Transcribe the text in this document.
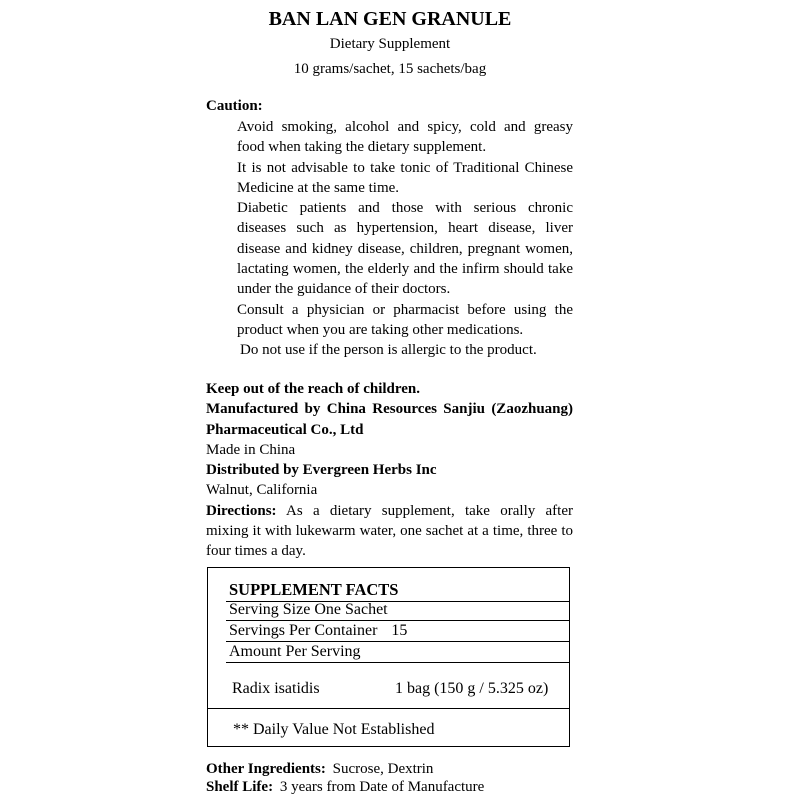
BAN LAN GEN GRANULE
Dietary Supplement
10 grams/sachet, 15 sachets/bag
Caution:

Avoid smoking, alcohol and spicy, cold and greasy food when taking the dietary supplement.

It is not advisable to take tonic of Traditional Chinese Medicine at the same time.

Diabetic patients and those with serious chronic diseases such as hypertension, heart disease, liver disease and kidney disease, children, pregnant women, lactating women, the elderly and the infirm should take under the guidance of their doctors.

Consult a physician or pharmacist before using the product when you are taking other medications.

Do not use if the person is allergic to the product.

Keep out of the reach of children.

Manufactured by China Resources Sanjiu (Zaozhuang) Pharmaceutical Co., Ltd

Made in China

Distributed by Evergreen Herbs Inc

Walnut, California

Directions: As a dietary supplement, take orally after mixing it with lukewarm water, one sachet at a time, three to four times a day.

SUPPLEMENT FACTS
Serving Size One Sachet
Servings Per Container 15
Amount Per Serving
Radix isatidis	1 bag (150 g / 5.325 oz)
** Daily Value Not Established
Other Ingredients: Sucrose, Dextrin
Shelf Life: 3 years from Date of Manufacture
